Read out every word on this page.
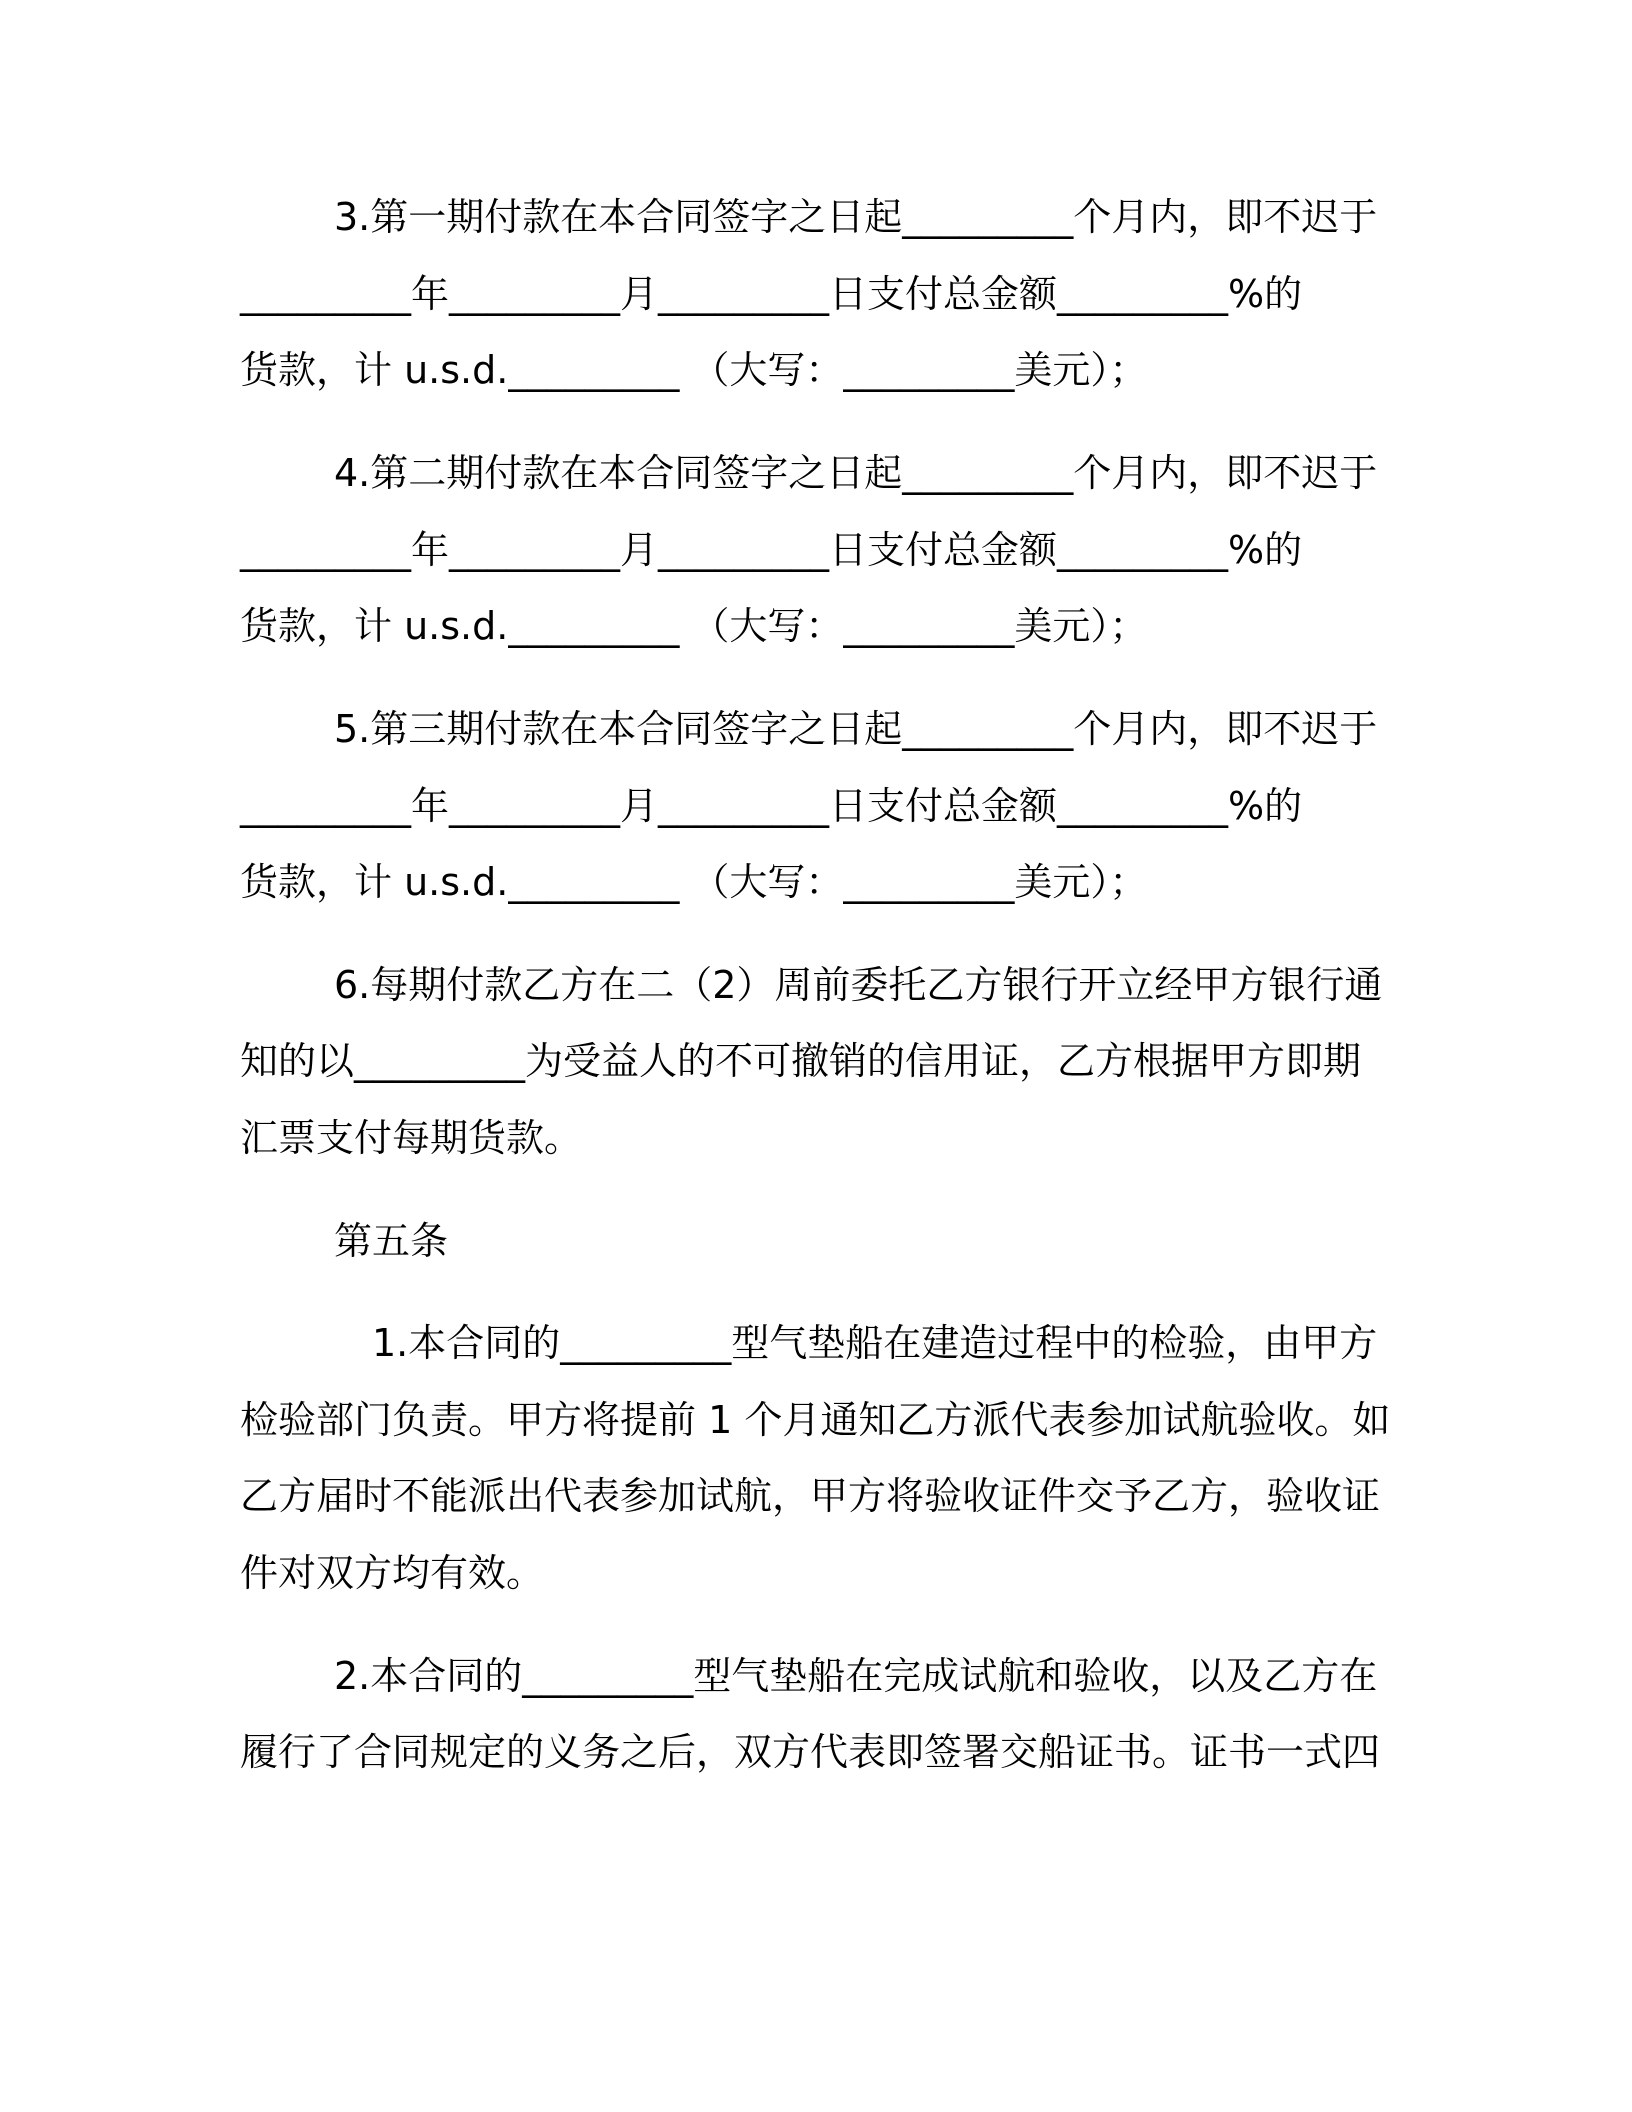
3.第一期付款在本合同签字之日起_________个月内，即不迟于
_________年_________月_________日支付总金额_________%的
货款，计 u.s.d._________ （大写：_________美元）；
4.第二期付款在本合同签字之日起_________个月内，即不迟于
_________年_________月_________日支付总金额_________%的
货款，计 u.s.d._________ （大写：_________美元）；
5.第三期付款在本合同签字之日起_________个月内，即不迟于
_________年_________月_________日支付总金额_________%的
货款，计 u.s.d._________ （大写：_________美元）；
6.每期付款乙方在二（2）周前委托乙方银行开立经甲方银行通
知的以_________为受益人的不可撤销的信用证，乙方根据甲方即期
汇票支付每期货款。
第五条
1.本合同的_________型气垫船在建造过程中的检验，由甲方
检验部门负责。甲方将提前 1 个月通知乙方派代表参加试航验收。如
乙方届时不能派出代表参加试航，甲方将验收证件交予乙方，验收证
件对双方均有效。
2.本合同的_________型气垫船在完成试航和验收，以及乙方在
履行了合同规定的义务之后，双方代表即签署交船证书。证书一式四
